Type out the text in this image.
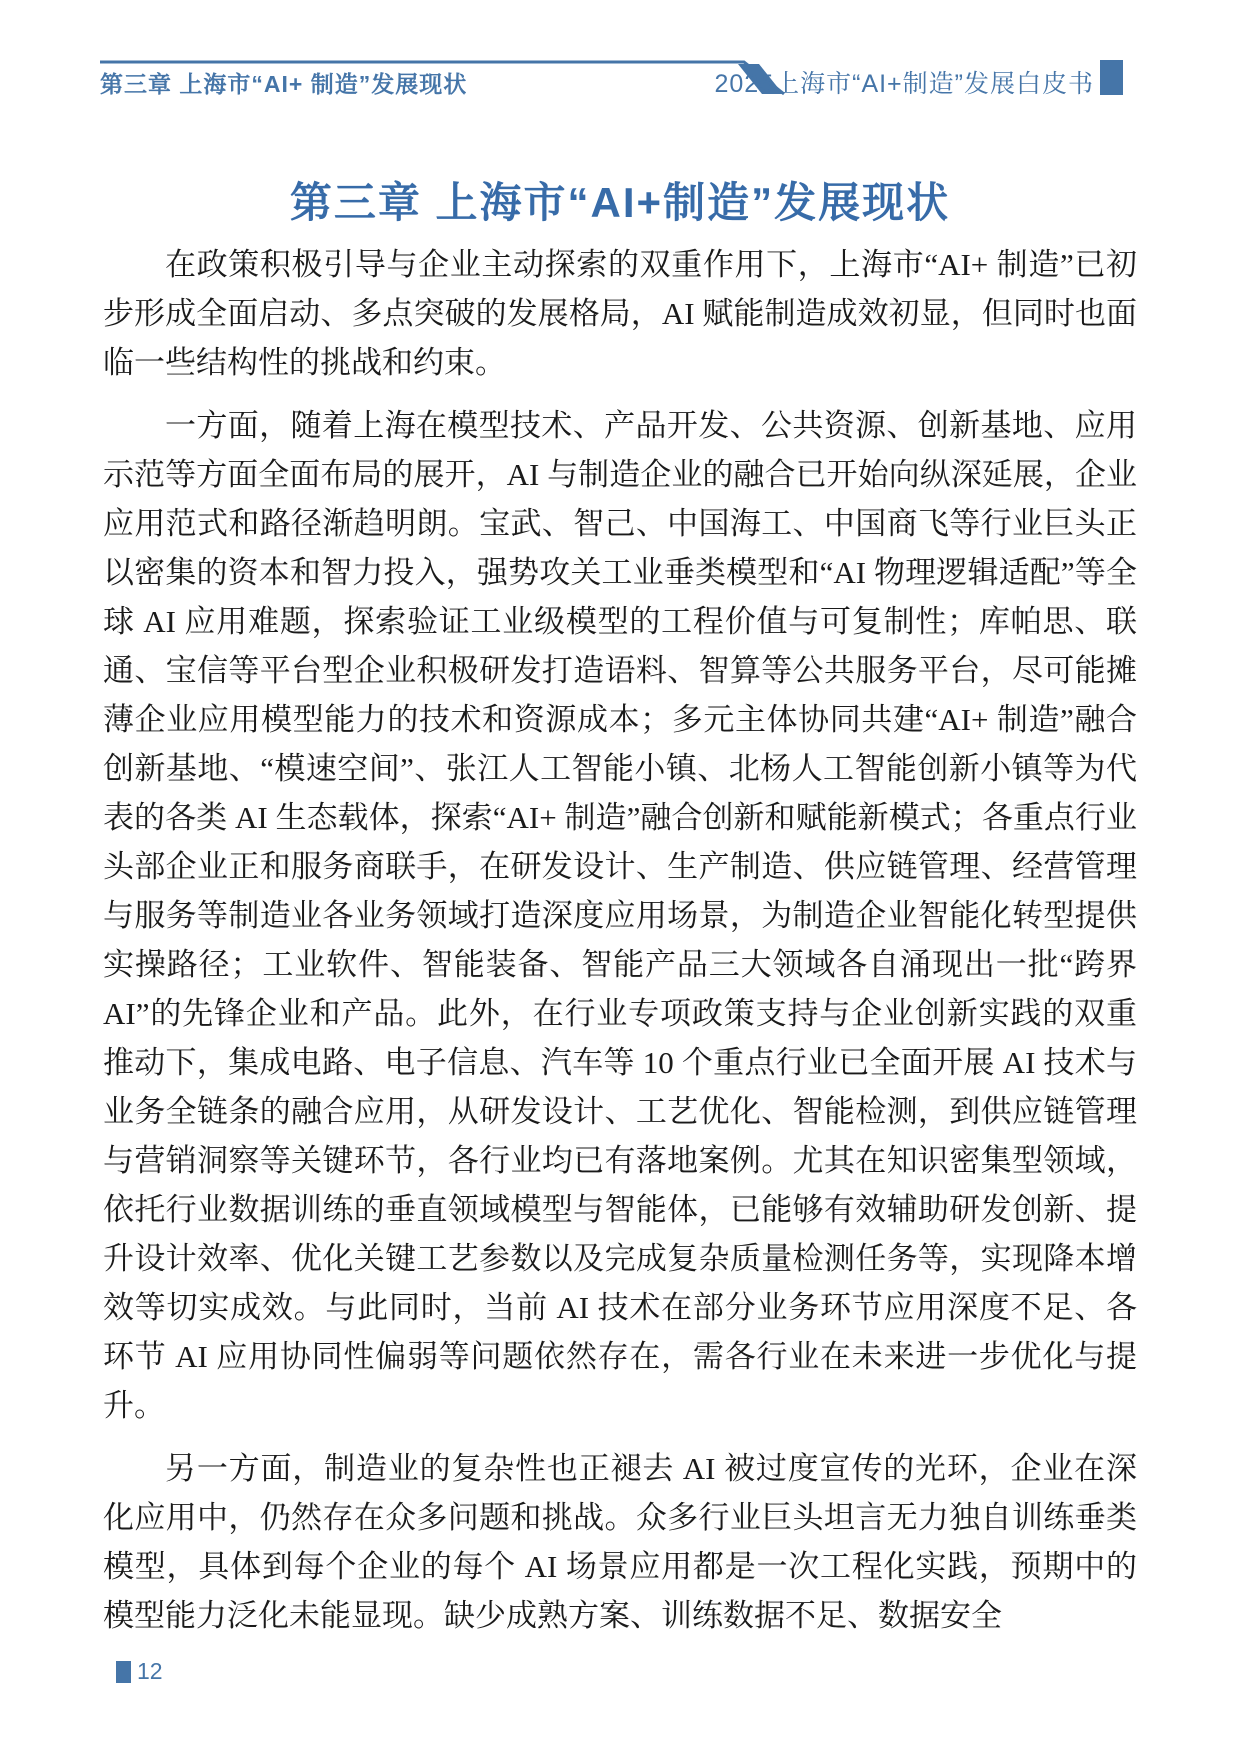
第三章 上海市“AI+ 制造”发展现状	2025上海市“AI+制造”发展白皮书
第三章 上海市“AI+制造”发展现状

在政策积极引导与企业主动探索的双重作用下，上海市“AI+ 制造”已初步形成全面启动、多点突破的发展格局，AI 赋能制造成效初显，但同时也面临一些结构性的挑战和约束。

一方面，随着上海在模型技术、产品开发、公共资源、创新基地、应用示范等方面全面布局的展开，AI 与制造企业的融合已开始向纵深延展，企业应用范式和路径渐趋明朗。宝武、智己、中国海工、中国商飞等行业巨头正以密集的资本和智力投入，强势攻关工业垂类模型和“AI 物理逻辑适配”等全球 AI 应用难题，探索验证工业级模型的工程价值与可复制性；库帕思、联通、宝信等平台型企业积极研发打造语料、智算等公共服务平台，尽可能摊薄企业应用模型能力的技术和资源成本；多元主体协同共建“AI+ 制造”融合创新基地、“模速空间”、张江人工智能小镇、北杨人工智能创新小镇等为代表的各类 AI 生态载体，探索“AI+ 制造”融合创新和赋能新模式；各重点行业头部企业正和服务商联手，在研发设计、生产制造、供应链管理、经营管理与服务等制造业各业务领域打造深度应用场景，为制造企业智能化转型提供实操路径；工业软件、智能装备、智能产品三大领域各自涌现出一批“跨界 AI”的先锋企业和产品。此外，在行业专项政策支持与企业创新实践的双重推动下，集成电路、电子信息、汽车等 10 个重点行业已全面开展 AI 技术与业务全链条的融合应用，从研发设计、工艺优化、智能检测，到供应链管理与营销洞察等关键环节，各行业均已有落地案例。尤其在知识密集型领域，依托行业数据训练的垂直领域模型与智能体，已能够有效辅助研发创新、提升设计效率、优化关键工艺参数以及完成复杂质量检测任务等，实现降本增效等切实成效。与此同时，当前 AI 技术在部分业务环节应用深度不足、各环节 AI 应用协同性偏弱等问题依然存在，需各行业在未来进一步优化与提升。

另一方面，制造业的复杂性也正褪去 AI 被过度宣传的光环，企业在深化应用中，仍然存在众多问题和挑战。众多行业巨头坦言无力独自训练垂类模型，具体到每个企业的每个 AI 场景应用都是一次工程化实践，预期中的模型能力泛化未能显现。缺少成熟方案、训练数据不足、数据安全

12
